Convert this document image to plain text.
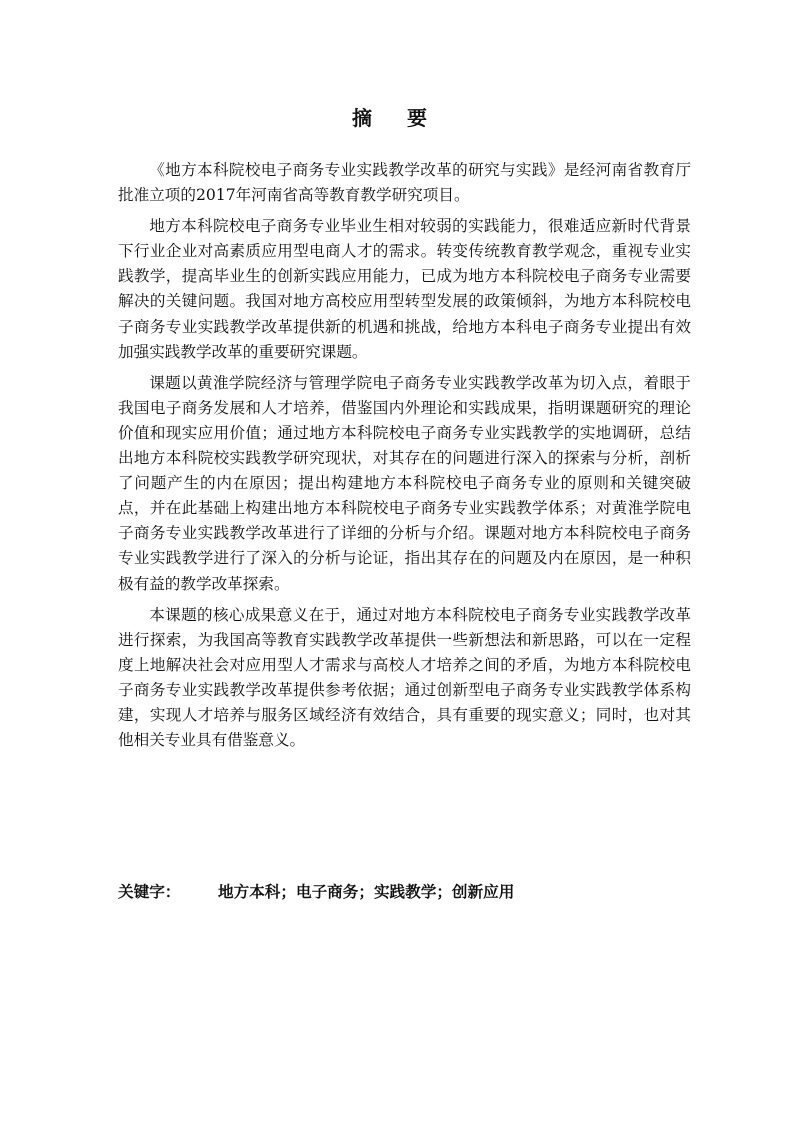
摘 要

《地方本科院校电子商务专业实践教学改革的研究与实践》是经河南省教育厅批准立项的2017年河南省高等教育教学研究项目。

地方本科院校电子商务专业毕业生相对较弱的实践能力，很难适应新时代背景下行业企业对高素质应用型电商人才的需求。转变传统教育教学观念，重视专业实践教学，提高毕业生的创新实践应用能力，已成为地方本科院校电子商务专业需要解决的关键问题。我国对地方高校应用型转型发展的政策倾斜，为地方本科院校电子商务专业实践教学改革提供新的机遇和挑战，给地方本科电子商务专业提出有效加强实践教学改革的重要研究课题。

课题以黄淮学院经济与管理学院电子商务专业实践教学改革为切入点，着眼于我国电子商务发展和人才培养，借鉴国内外理论和实践成果，指明课题研究的理论价值和现实应用价值；通过地方本科院校电子商务专业实践教学的实地调研，总结出地方本科院校实践教学研究现状，对其存在的问题进行深入的探索与分析，剖析了问题产生的内在原因；提出构建地方本科院校电子商务专业的原则和关键突破点，并在此基础上构建出地方本科院校电子商务专业实践教学体系；对黄淮学院电子商务专业实践教学改革进行了详细的分析与介绍。课题对地方本科院校电子商务专业实践教学进行了深入的分析与论证，指出其存在的问题及内在原因，是一种积极有益的教学改革探索。

本课题的核心成果意义在于，通过对地方本科院校电子商务专业实践教学改革进行探索，为我国高等教育实践教学改革提供一些新想法和新思路，可以在一定程度上地解决社会对应用型人才需求与高校人才培养之间的矛盾，为地方本科院校电子商务专业实践教学改革提供参考依据；通过创新型电子商务专业实践教学体系构建，实现人才培养与服务区域经济有效结合，具有重要的现实意义；同时，也对其他相关专业具有借鉴意义。

关键字： 地方本科；电子商务；实践教学；创新应用
